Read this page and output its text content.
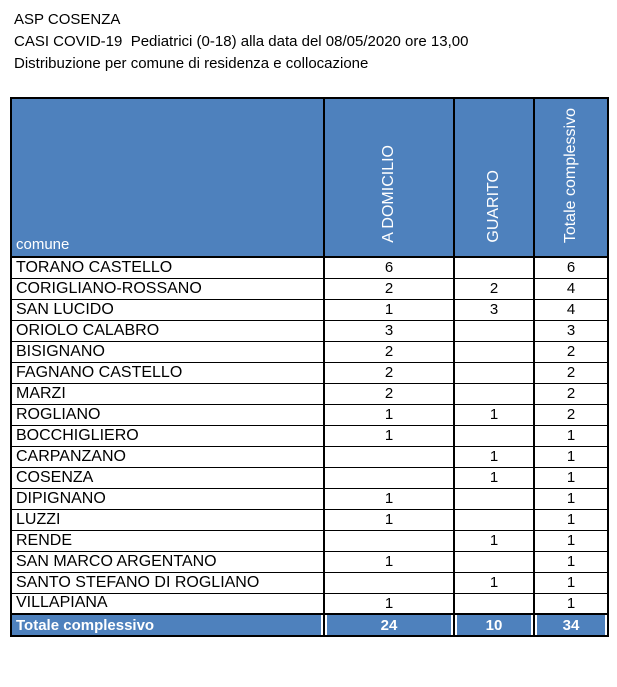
ASP COSENZA
CASI COVID-19  Pediatrici (0-18) alla data del 08/05/2020 ore 13,00
Distribuzione per comune di residenza e collocazione
comune	A DOMICILIO	GUARITO	Totale complessivo
TORANO CASTELLO	6		6
CORIGLIANO-ROSSANO	2	2	4
SAN LUCIDO	1	3	4
ORIOLO CALABRO	3		3
BISIGNANO	2		2
FAGNANO CASTELLO	2		2
MARZI	2		2
ROGLIANO	1	1	2
BOCCHIGLIERO	1		1
CARPANZANO		1	1
COSENZA		1	1
DIPIGNANO	1		1
LUZZI	1		1
RENDE		1	1
SAN MARCO ARGENTANO	1		1
SANTO STEFANO DI ROGLIANO		1	1
VILLAPIANA	1		1
Totale complessivo	24	10	34
